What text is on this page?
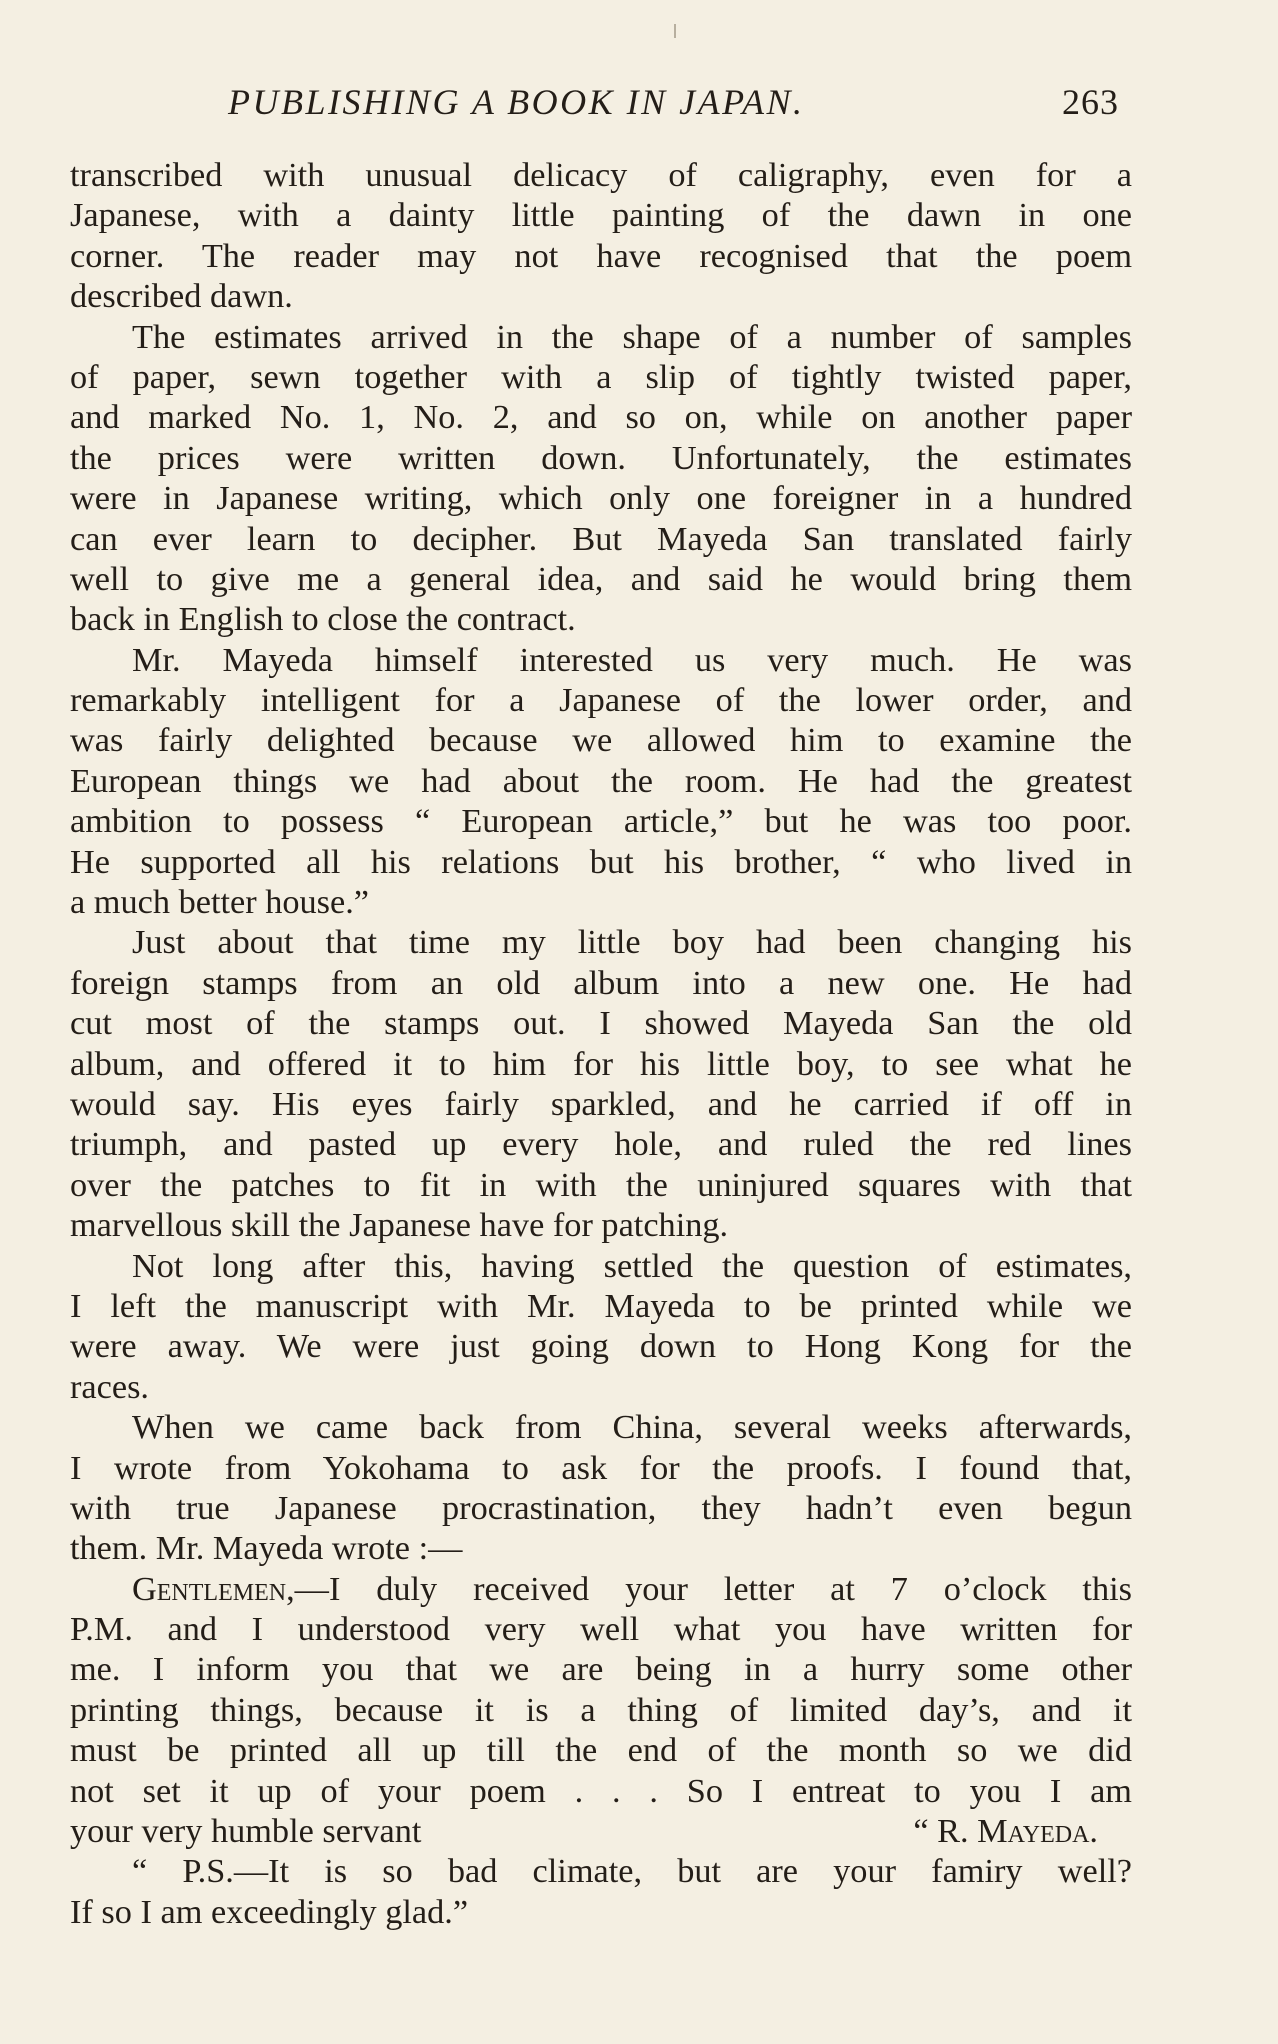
PUBLISHING A BOOK IN JAPAN.	263
transcribed with unusual delicacy of caligraphy, even for a
Japanese, with a dainty little painting of the dawn in one
corner. The reader may not have recognised that the poem
described dawn.
The estimates arrived in the shape of a number of samples
of paper, sewn together with a slip of tightly twisted paper,
and marked No. 1, No. 2, and so on, while on another paper
the prices were written down. Unfortunately, the estimates
were in Japanese writing, which only one foreigner in a hundred
can ever learn to decipher. But Mayeda San translated fairly
well to give me a general idea, and said he would bring them
back in English to close the contract.
Mr. Mayeda himself interested us very much. He was
remarkably intelligent for a Japanese of the lower order, and
was fairly delighted because we allowed him to examine the
European things we had about the room. He had the greatest
ambition to possess “ European article,” but he was too poor.
He supported all his relations but his brother, “ who lived in
a much better house.”
Just about that time my little boy had been changing his
foreign stamps from an old album into a new one. He had
cut most of the stamps out. I showed Mayeda San the old
album, and offered it to him for his little boy, to see what he
would say. His eyes fairly sparkled, and he carried if off in
triumph, and pasted up every hole, and ruled the red lines
over the patches to fit in with the uninjured squares with that
marvellous skill the Japanese have for patching.
Not long after this, having settled the question of estimates,
I left the manuscript with Mr. Mayeda to be printed while we
were away. We were just going down to Hong Kong for the
races.
When we came back from China, several weeks afterwards,
I wrote from Yokohama to ask for the proofs. I found that,
with true Japanese procrastination, they hadn’t even begun
them. Mr. Mayeda wrote :—
Gentlemen,—I duly received your letter at 7 o’clock this
P.M. and I understood very well what you have written for
me. I inform you that we are being in a hurry some other
printing things, because it is a thing of limited day’s, and it
must be printed all up till the end of the month so we did
not set it up of your poem . . . So I entreat to you I am
your very humble servant	“ R. Mayeda.
“ P.S.—It is so bad climate, but are your famiry well?
If so I am exceedingly glad.”
